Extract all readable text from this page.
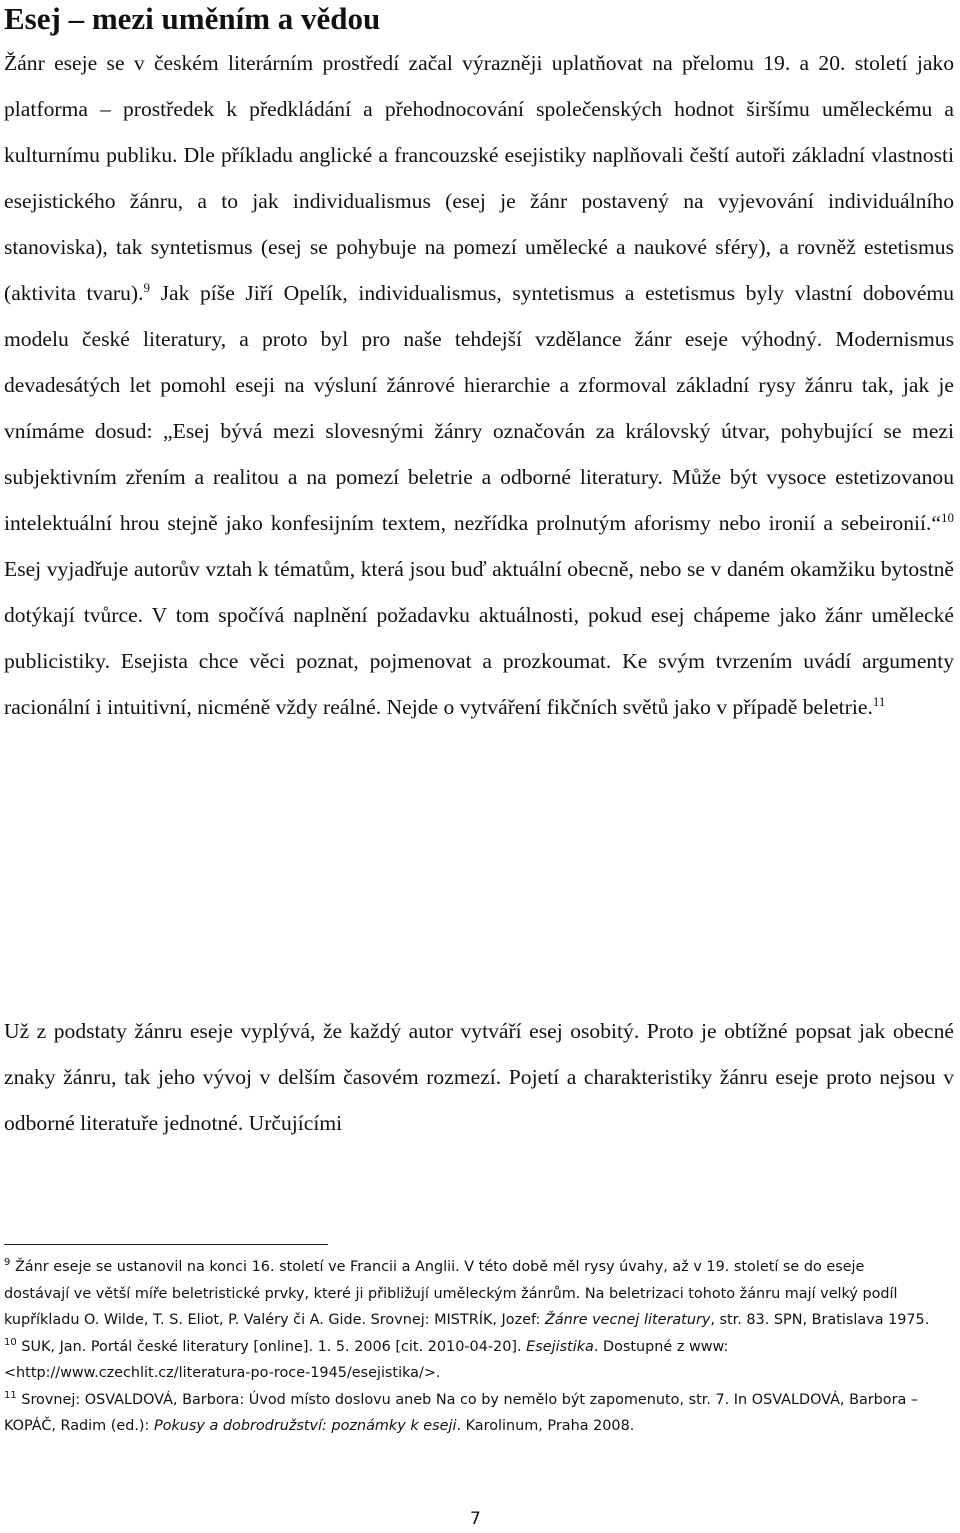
Esej – mezi uměním a vědou

Žánr eseje se v českém literárním prostředí začal výrazněji uplatňovat na přelomu 19. a 20. století jako platforma – prostředek k předkládání a přehodnocování společenských hodnot širšímu uměleckému a kulturnímu publiku. Dle příkladu anglické a francouzské esejistiky naplňovali čeští autoři základní vlastnosti esejistického žánru, a to jak individualismus (esej je žánr postavený na vyjevování individuálního stanoviska), tak syntetismus (esej se pohybuje na pomezí umělecké a naukové sféry), a rovněž estetismus (aktivita tvaru).$^9$ Jak píše Jiří Opelík, individualismus, syntetismus a estetismus byly vlastní dobovému modelu české literatury, a proto byl pro naše tehdejší vzdělance žánr eseje výhodný. Modernismus devadesátých let pomohl eseji na výsluní žánrové hierarchie a zformoval základní rysy žánru tak, jak je vnímáme dosud: „Esej bývá mezi slovesnými žánry označován za královský útvar, pohybující se mezi subjektivním zřením a realitou a na pomezí beletrie a odborné literatury. Může být vysoce estetizovanou intelektuální hrou stejně jako konfesijním textem, nezřídka prolnutým aforismy nebo ironií a sebeironií.“$^{10}$ Esej vyjadřuje autorův vztah k tématům, která jsou buď aktuální obecně, nebo se v daném okamžiku bytostně dotýkají tvůrce. V tom spočívá naplnění požadavku aktuálnosti, pokud esej chápeme jako žánr umělecké publicistiky. Esejista chce věci poznat, pojmenovat a prozkoumat. Ke svým tvrzením uvádí argumenty racionální i intuitivní, nicméně vždy reálné. Nejde o vytváření fikčních světů jako v případě beletrie.$^{11}$

Už z podstaty žánru eseje vyplývá, že každý autor vytváří esej osobitý. Proto je obtížné popsat jak obecné znaky žánru, tak jeho vývoj v delším časovém rozmezí. Pojetí a charakteristiky žánru eseje proto nejsou v odborné literatuře jednotné. Určujícími

$^9$ Žánr eseje se ustanovil na konci 16. století ve Francii a Anglii. V této době měl rysy úvahy, až v 19. století se do eseje dostávají ve větší míře beletristické prvky, které ji přibližují uměleckým žánrům. Na beletrizaci tohoto žánru mají velký podíl kupříkladu O. Wilde, T. S. Eliot, P. Valéry či A. Gide. Srovnej: MISTRÍK, Jozef: Žánre vecnej literatury, str. 83. SPN, Bratislava 1975.

$^{10}$ SUK, Jan. Portál české literatury [online]. 1. 5. 2006 [cit. 2010-04-20]. Esejistika. Dostupné z www: <http://www.czechlit.cz/literatura-po-roce-1945/esejistika/>.

$^{11}$ Srovnej: OSVALDOVÁ, Barbora: Úvod místo doslovu aneb Na co by nemělo být zapomenuto, str. 7. In OSVALDOVÁ, Barbora – KOPÁČ, Radim (ed.): Pokusy a dobrodružství: poznámky k eseji. Karolinum, Praha 2008.

7
